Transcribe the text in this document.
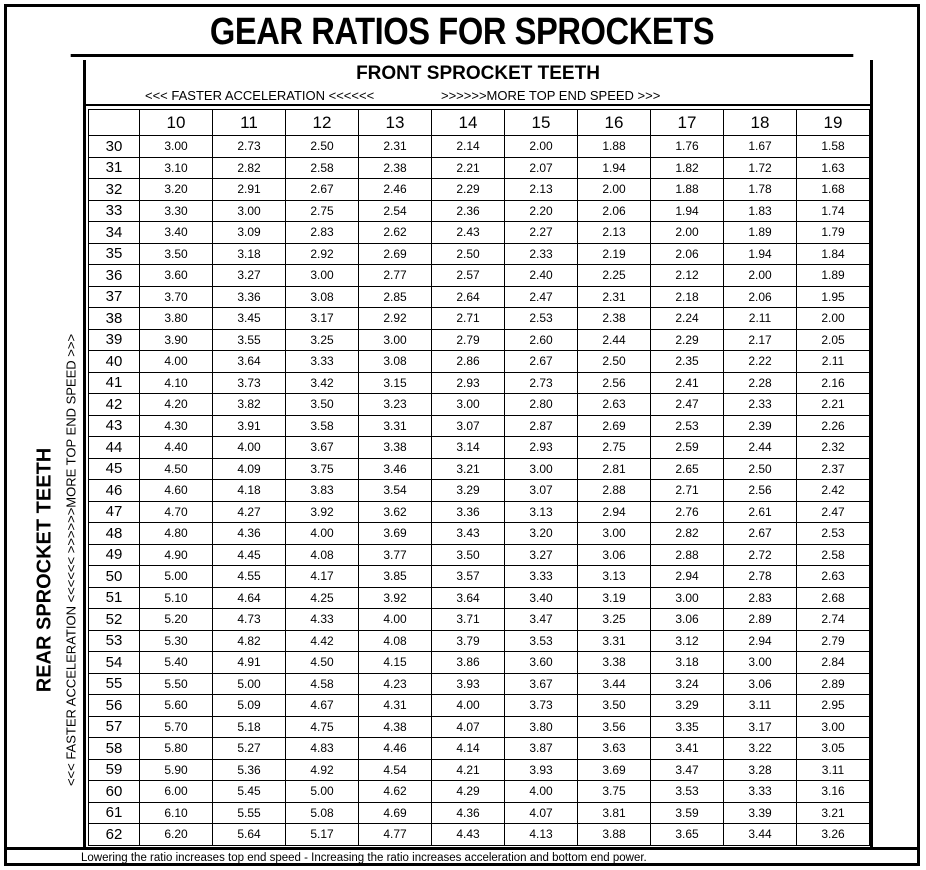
GEAR RATIOS FOR SPROCKETS
REAR SPROCKET TEETH <<< FASTER ACCELERATION <<<<<< >>>>>>MORE TOP END SPEED >>>
FRONT SPROCKET TEETH
<<< FASTER ACCELERATION <<<<<<	>>>>>>MORE TOP END SPEED >>>
	10	11	12	13	14	15	16	17	18	19
30	3.00	2.73	2.50	2.31	2.14	2.00	1.88	1.76	1.67	1.58
31	3.10	2.82	2.58	2.38	2.21	2.07	1.94	1.82	1.72	1.63
32	3.20	2.91	2.67	2.46	2.29	2.13	2.00	1.88	1.78	1.68
33	3.30	3.00	2.75	2.54	2.36	2.20	2.06	1.94	1.83	1.74
34	3.40	3.09	2.83	2.62	2.43	2.27	2.13	2.00	1.89	1.79
35	3.50	3.18	2.92	2.69	2.50	2.33	2.19	2.06	1.94	1.84
36	3.60	3.27	3.00	2.77	2.57	2.40	2.25	2.12	2.00	1.89
37	3.70	3.36	3.08	2.85	2.64	2.47	2.31	2.18	2.06	1.95
38	3.80	3.45	3.17	2.92	2.71	2.53	2.38	2.24	2.11	2.00
39	3.90	3.55	3.25	3.00	2.79	2.60	2.44	2.29	2.17	2.05
40	4.00	3.64	3.33	3.08	2.86	2.67	2.50	2.35	2.22	2.11
41	4.10	3.73	3.42	3.15	2.93	2.73	2.56	2.41	2.28	2.16
42	4.20	3.82	3.50	3.23	3.00	2.80	2.63	2.47	2.33	2.21
43	4.30	3.91	3.58	3.31	3.07	2.87	2.69	2.53	2.39	2.26
44	4.40	4.00	3.67	3.38	3.14	2.93	2.75	2.59	2.44	2.32
45	4.50	4.09	3.75	3.46	3.21	3.00	2.81	2.65	2.50	2.37
46	4.60	4.18	3.83	3.54	3.29	3.07	2.88	2.71	2.56	2.42
47	4.70	4.27	3.92	3.62	3.36	3.13	2.94	2.76	2.61	2.47
48	4.80	4.36	4.00	3.69	3.43	3.20	3.00	2.82	2.67	2.53
49	4.90	4.45	4.08	3.77	3.50	3.27	3.06	2.88	2.72	2.58
50	5.00	4.55	4.17	3.85	3.57	3.33	3.13	2.94	2.78	2.63
51	5.10	4.64	4.25	3.92	3.64	3.40	3.19	3.00	2.83	2.68
52	5.20	4.73	4.33	4.00	3.71	3.47	3.25	3.06	2.89	2.74
53	5.30	4.82	4.42	4.08	3.79	3.53	3.31	3.12	2.94	2.79
54	5.40	4.91	4.50	4.15	3.86	3.60	3.38	3.18	3.00	2.84
55	5.50	5.00	4.58	4.23	3.93	3.67	3.44	3.24	3.06	2.89
56	5.60	5.09	4.67	4.31	4.00	3.73	3.50	3.29	3.11	2.95
57	5.70	5.18	4.75	4.38	4.07	3.80	3.56	3.35	3.17	3.00
58	5.80	5.27	4.83	4.46	4.14	3.87	3.63	3.41	3.22	3.05
59	5.90	5.36	4.92	4.54	4.21	3.93	3.69	3.47	3.28	3.11
60	6.00	5.45	5.00	4.62	4.29	4.00	3.75	3.53	3.33	3.16
61	6.10	5.55	5.08	4.69	4.36	4.07	3.81	3.59	3.39	3.21
62	6.20	5.64	5.17	4.77	4.43	4.13	3.88	3.65	3.44	3.26
Lowering the ratio increases top end speed - Increasing the ratio increases acceleration and bottom end power.
